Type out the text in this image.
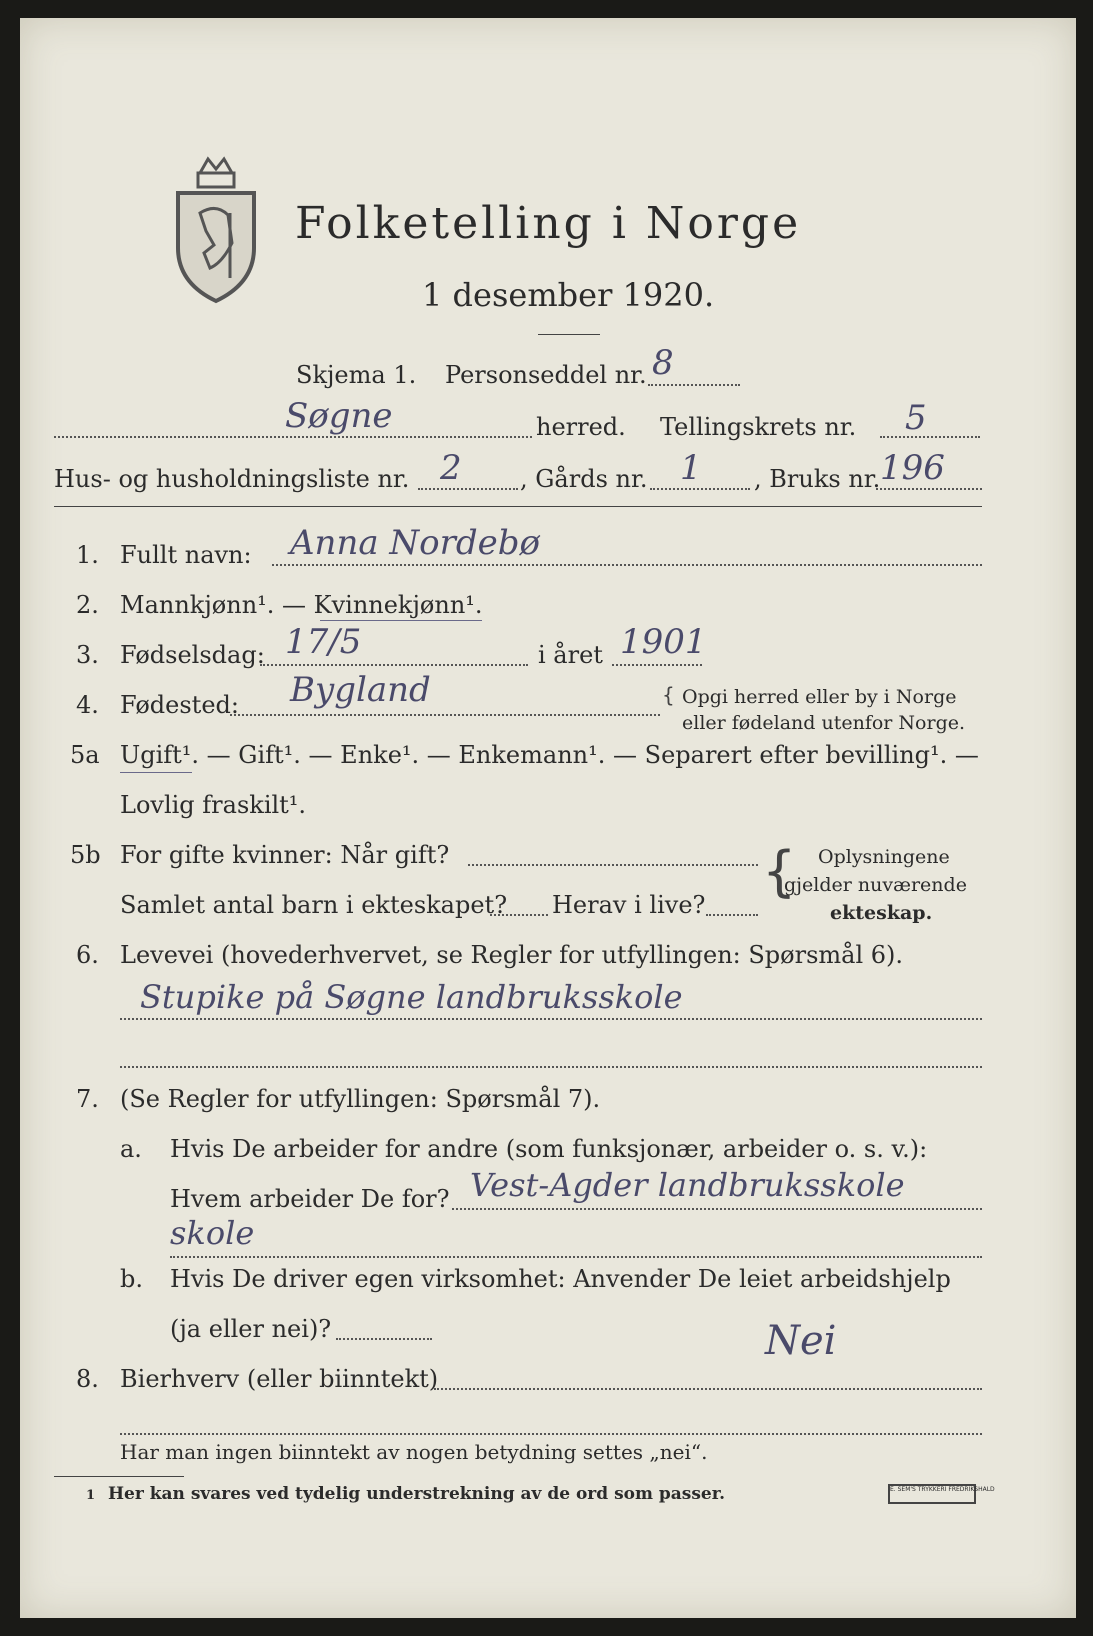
Folketelling i Norge
1 desember 1920.
Skjema 1. Personseddel nr. 8
Søgne	herred. Tellingskrets nr. 5
Hus- og husholdningsliste nr. 2 , Gårds nr. 1 , Bruks nr. 196
1. Fullt navn: Anna Nordebø
2. Mannkjønn¹. — Kvinnekjønn¹.
3. Fødselsdag: 17/5	i året 1901
4. Fødested: Bygland	{ Opgi herred eller by i Norge
eller fødeland utenfor Norge.
5a Ugift¹. — Gift¹. — Enke¹. — Enkemann¹. — Separert efter bevilling¹. —
Lovlig fraskilt¹.
5b For gifte kvinner: Når gift?
Samlet antal barn i ekteskapet? Herav i live?
{ Oplysningene
gjelder nuværende
ekteskap.
6. Levevei (hovederhvervet, se Regler for utfyllingen: Spørsmål 6).
Stupike på Søgne landbruksskole
7. (Se Regler for utfyllingen: Spørsmål 7).
a. Hvis De arbeider for andre (som funksjonær, arbeider o. s. v.):
Hvem arbeider De for? Vest-Agder landbruksskole
skole
b. Hvis De driver egen virksomhet: Anvender De leiet arbeidshjelp
(ja eller nei)?
8. Bierhverv (eller biinntekt)
Nei
Har man ingen biinntekt av nogen betydning settes „nei“.
1 Her kan svares ved tydelig understrekning av de ord som passer.	E. SEM'S TRYKKERI FREDRIKSHALD
